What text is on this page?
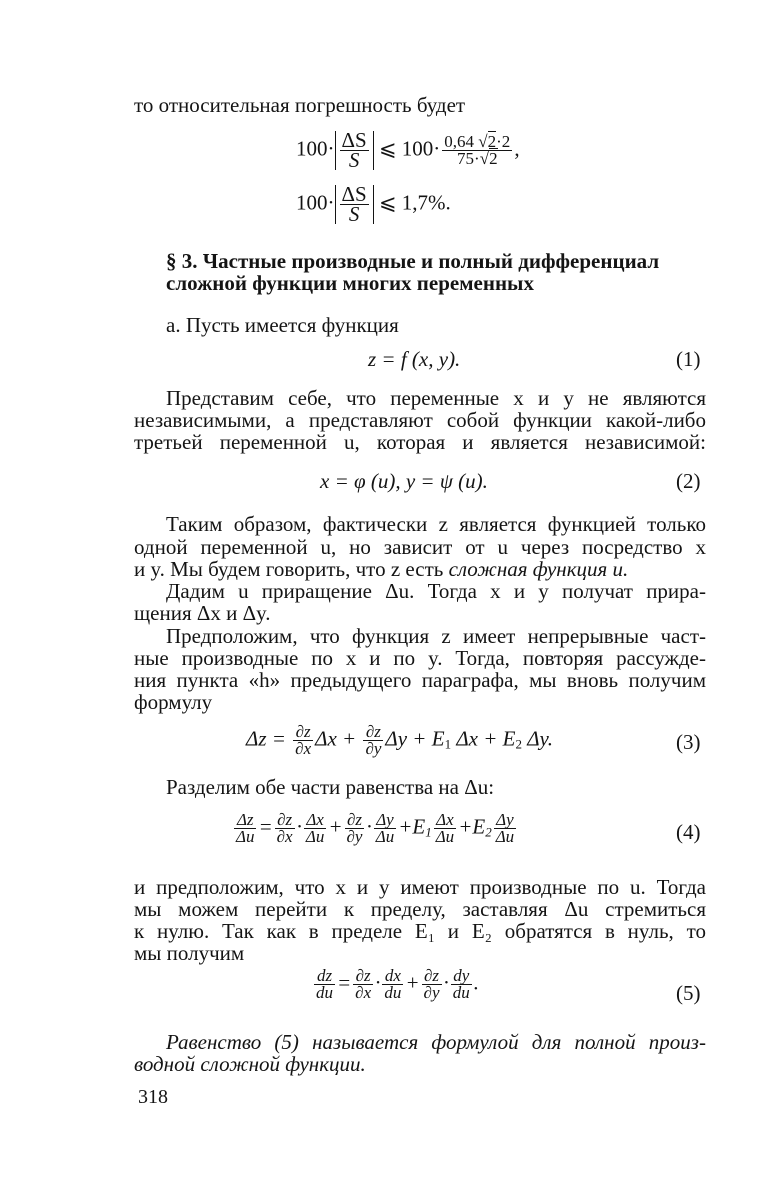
то относительная погрешность будет
$100\cdot \frac{\Delta S}{S}$ ⩽ $100\cdot \frac{0,64 √2\cdot 2}{75\cdot√2}$ ,
$100\cdot \frac{\Delta S}{S}$ ⩽ 1,7%.
§ 3. Частные производные и полный дифференциал
сложной функции многих переменных
а. Пусть имеется функция
z = f (x, y).	(1)
Представим себе, что переменные x и y не являются
независимыми, а представляют собой функции какой-либо
третьей переменной u, которая и является независимой:
x = φ (u), y = ψ (u).	(2)
Таким образом, фактически z является функцией только
одной переменной u, но зависит от u через посредство x
и y. Мы будем говорить, что z есть сложная функция u.
Дадим u приращение Δu. Тогда x и y получат прира-
щения Δx и Δy.
Предположим, что функция z имеет непрерывные част-
ные производные по x и по y. Тогда, повторяя рассужде-
ния пункта «h» предыдущего параграфа, мы вновь получим
формулу
$\Delta z = \frac{\partial z}{\partial x}$ $\Delta x + \frac{\partial z}{\partial y}$ $\Delta y + E_1$ $\Delta x + E_2$ Δy.	(3)
Разделим обе части равенства на Δu:
$\frac{\Delta z}{\Delta u} = \frac{\partial z}{\partial x} \cdot \frac{\Delta x}{\Delta u} + \frac{\partial z}{\partial y} \cdot \frac{\Delta y}{\Delta u} +E_1 \frac{\Delta x}{\Delta u} +E_2 \frac{\Delta y}{\Delta u}$	(4)
и предположим, что x и y имеют производные по u. Тогда
мы можем перейти к пределу, заставляя Δu стремиться
к нулю. Так как в пределе E₁ и E₂ обратятся в нуль, то
мы получим
$\frac{dz}{du} = \frac{\partial z}{\partial x} \cdot \frac{dx}{du} + \frac{\partial z}{\partial y} \cdot \frac{dy}{du}$ .	(5)
Равенство (5) называется формулой для полной произ-
водной сложной функции.
318
